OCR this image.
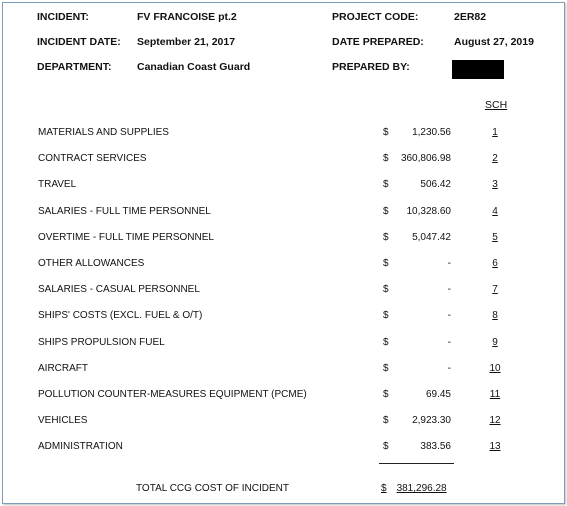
INCIDENT:	FV FRANCOISE pt.2	PROJECT CODE:	2ER82
INCIDENT DATE: September 21, 2017	DATE PREPARED:	August 27, 2019
DEPARTMENT: Canadian Coast Guard	PREPARED BY:
SCH
MATERIALS AND SUPPLIES	$ 1,230.56	1
CONTRACT SERVICES	$ 360,806.98	2
TRAVEL	$	506.42	3
SALARIES - FULL TIME PERSONNEL	$ 10,328.60	4
OVERTIME - FULL TIME PERSONNEL	$ 5,047.42	5
OTHER ALLOWANCES	$	-	6
SALARIES - CASUAL PERSONNEL	$	-	7
SHIPS' COSTS (EXCL. FUEL & O/T)	$	-	8
SHIPS PROPULSION FUEL	$	-	9
AIRCRAFT	$	-	10
POLLUTION COUNTER-MEASURES EQUIPMENT (PCME)	$	69.45	11
VEHICLES	$ 2,923.30	12
ADMINISTRATION	$	383.56	13
TOTAL CCG COST OF INCIDENT	$ 381,296.28
